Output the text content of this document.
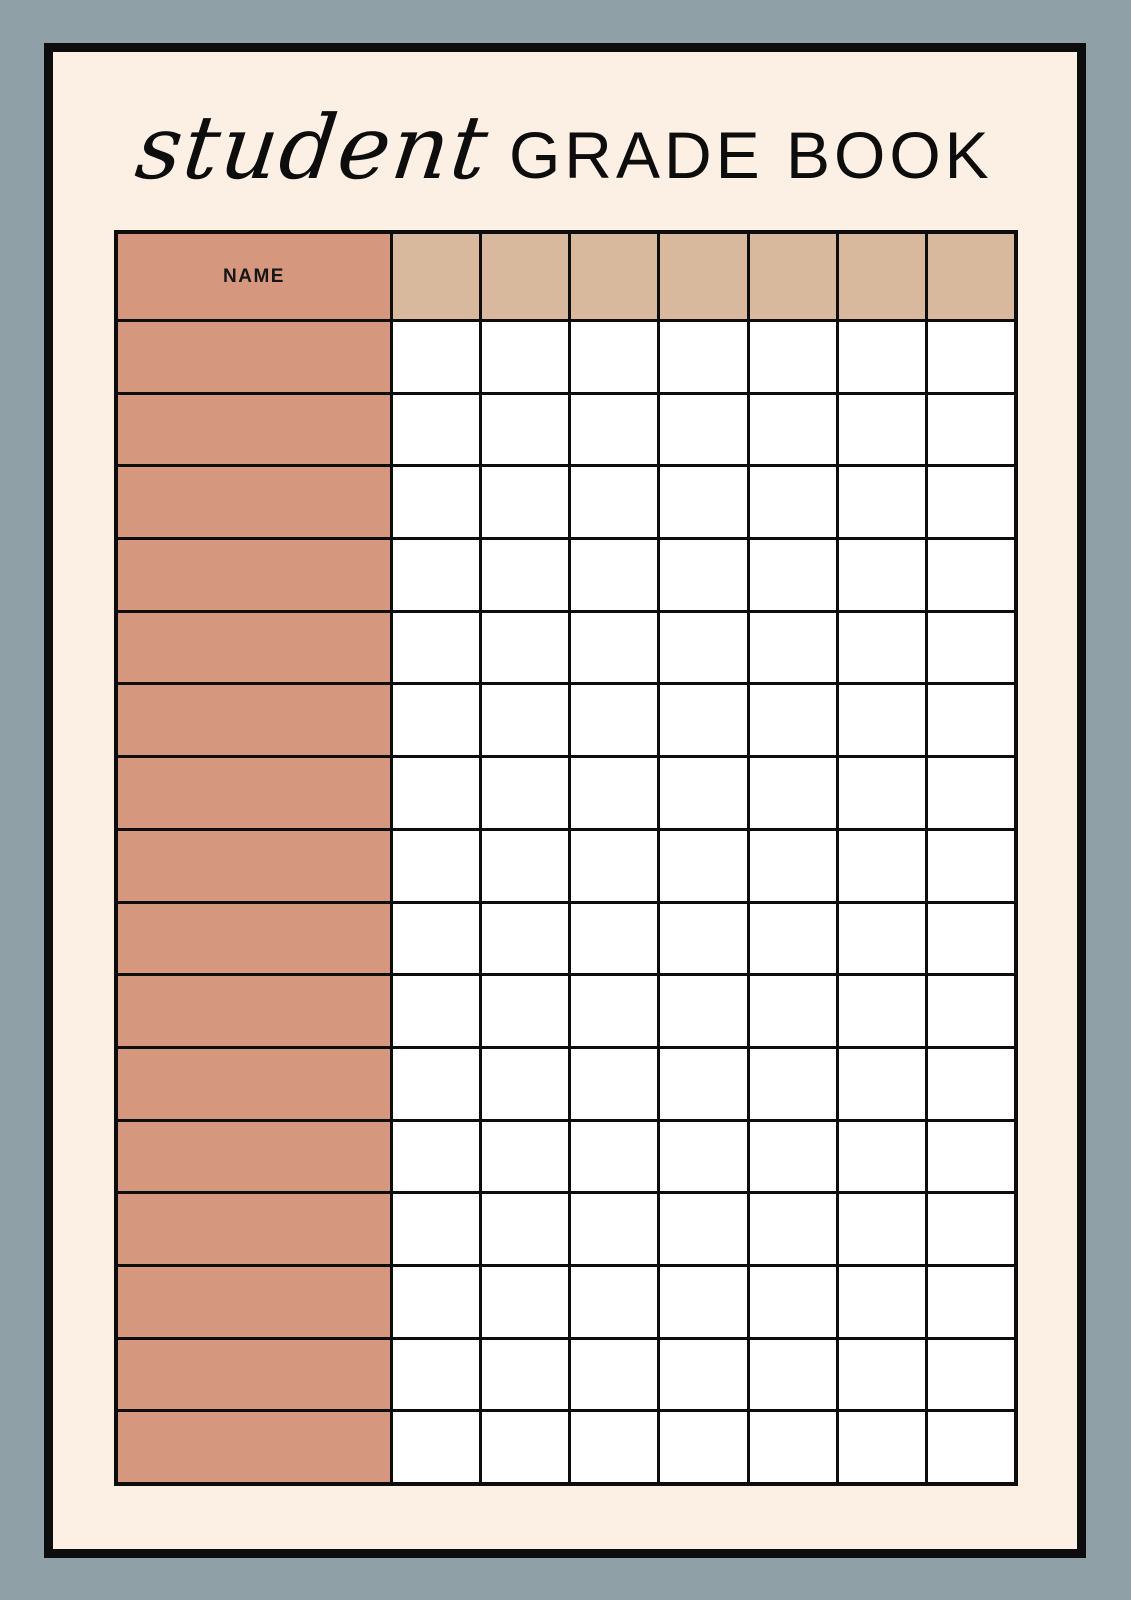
student GRADE BOOK
NAME
